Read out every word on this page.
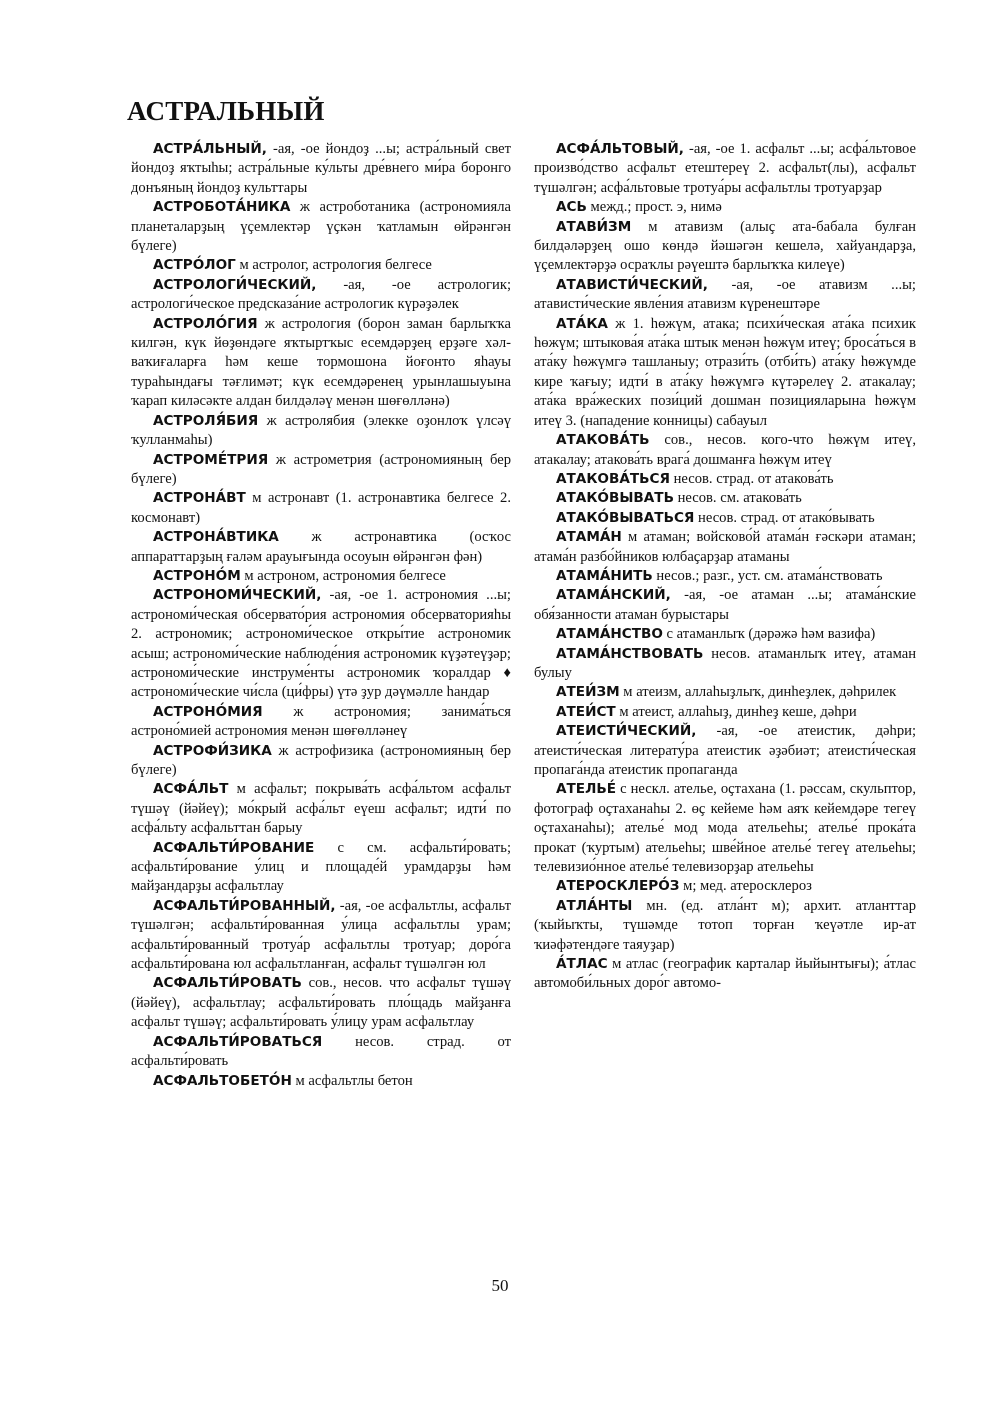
АСТРАЛЬНЫЙ

АСТРА́ЛЬНЫЙ, -ая, -ое йондоҙ ...ы; астра́льный свет йондоҙ яҡтыһы; астра́льные ку́льты дре́внего ми́ра боронго донъяның йондоҙ культтары

АСТРОБОТА́НИКА ж астроботаника (астрономияла планеталарҙың үҫемлектәр үҫкән ҡатламын өйрәнгән бүлеге)

АСТРО́ЛОГ м астролог, астрология белгесе

АСТРОЛОГИ́ЧЕСКИЙ, -ая, -ое астрологик; астрологи́ческое предсказа́ние астрологик күрәҙәлек

АСТРОЛО́ГИЯ ж астрология (борон заман барлыҡҡа килгән, күк йөҙөндәге яҡтыртҡыс есемдәрҙең ерҙәге хәл-ваҡиғаларға һәм кеше тормошона йоғонто яһауы тураһындағы тәғлимәт; күк есемдәренең урынлашыуына ҡарап киләсәкте алдан билдәләү менән шөғөлләнә)

АСТРОЛЯ́БИЯ ж астролябия (элекке оҙонлоҡ үлсәү ҡулланмаһы)

АСТРОМЕ́ТРИЯ ж астрометрия (астрономияның бер бүлеге)

АСТРОНА́ВТ м астронавт (1. астронавтика белгесе 2. космонавт)

АСТРОНА́ВТИКА ж астронавтика (осҡос аппараттарҙың ғаләм арауығында осоуын өйрәнгән фән)

АСТРОНО́М м астроном, астрономия белгесе

АСТРОНОМИ́ЧЕСКИЙ, -ая, -ое 1. астрономия ...ы; астрономи́ческая обсервато́рия астрономия обсерваторияһы 2. астрономик; астрономи́ческое откры́тие астрономик асыш; астрономи́ческие наблюде́ния астрономик күҙәтеүҙәр; астрономи́ческие инструме́нты астрономик ҡоралдар ♦ астрономи́ческие чи́сла (ци́фры) үтә ҙур дәүмәлле һандар

АСТРОНО́МИЯ ж астрономия; занима́ться астроно́мией астрономия менән шөғөлләнеү

АСТРОФИ́ЗИКА ж астрофизика (астрономияның бер бүлеге)

АСФА́ЛЬТ м асфальт; покрыва́ть асфа́льтом асфальт түшәү (йәйеү); мо́крый асфа́льт еүеш асфальт; идти́ по асфа́льту асфальттан барыу

АСФАЛЬТИ́РОВАНИЕ с см. асфальти́ровать; асфальти́рование у́лиц и площаде́й урамдарҙы һәм майҙандарҙы асфальтлау

АСФАЛЬТИ́РОВАННЫЙ, -ая, -ое асфальтлы, асфальт түшәлгән; асфальти́рованная у́лица асфальтлы урам; асфальти́рованный тротуа́р асфальтлы тротуар; доро́га асфальти́рована юл асфальтланған, асфальт түшәлгән юл

АСФАЛЬТИ́РОВАТЬ сов., несов. что асфальт түшәү (йәйеү), асфальтлау; асфальти́ровать пло́щадь майҙанға асфальт түшәү; асфальти́ровать у́лицу урам асфальтлау

АСФАЛЬТИ́РОВАТЬСЯ несов. страд. от асфальти́ровать

АСФАЛЬТОБЕТО́Н м асфальтлы бетон

АСФА́ЛЬТОВЫЙ, -ая, -ое 1. асфальт ...ы; асфа́льтовое произво́дство асфальт етештереү 2. асфальт(лы), асфальт түшәлгән; асфа́льтовые тротуа́ры асфальтлы тротуарҙар

АСЬ межд.; прост. э, нимә

АТАВИ́ЗМ м атавизм (алыҫ ата-бабала булған билдәләрҙең ошо көндә йәшәгән кешелә, хайуандарҙа, үҫемлектәрҙә осраҡлы рәүештә барлыҡҡа килеүе)

АТАВИСТИ́ЧЕСКИЙ, -ая, -ое атавизм ...ы; атависти́ческие явле́ния атавизм күренештәре

АТА́КА ж 1. һөжүм, атака; психи́ческая ата́ка психик һөжүм; штыкова́я ата́ка штык менән һөжүм итеү; броса́ться в ата́ку һөжүмгә ташланыу; отрази́ть (отби́ть) ата́ку һөжүмде кире ҡағыу; идти́ в ата́ку һөжүмгә күтәрелеү 2. атакалау; ата́ка вра́жеских пози́ций дошман позицияларына һөжүм итеү 3. (нападение конницы) сабауыл

АТАКОВА́ТЬ сов., несов. кого-что һөжүм итеү, атакалау; атакова́ть врага́ дошманға һөжүм итеү

АТАКОВА́ТЬСЯ несов. страд. от атакова́ть

АТАКО́ВЫВАТЬ несов. см. атакова́ть

АТАКО́ВЫВАТЬСЯ несов. страд. от атако́вывать

АТАМА́Н м атаман; войсково́й атама́н ғәскәри атаман; атама́н разбо́йников юлбаҫарҙар атаманы

АТАМА́НИТЬ несов.; разг., уст. см. атама́нствовать

АТАМА́НСКИЙ, -ая, -ое атаман ...ы; атама́нские обя́занности атаман бурыстары

АТАМА́НСТВО с атаманлыҡ (дәрәжә һәм вазифа)

АТАМА́НСТВОВАТЬ несов. атаманлыҡ итеү, атаман булыу

АТЕИ́ЗМ м атеизм, аллаһыҙлыҡ, динһеҙлек, дәһрилек

АТЕИ́СТ м атеист, аллаһыҙ, динһеҙ кеше, дәһри

АТЕИСТИ́ЧЕСКИЙ, -ая, -ое атеистик, дәһри; атеисти́ческая литерату́ра атеистик әҙәбиәт; атеисти́ческая пропага́нда атеистик пропаганда

АТЕЛЬЕ́ с нескл. ателье, оҫтахана (1. рәссам, скульптор, фотограф оҫтаханаһы 2. өҫ кейеме һәм аяҡ кейемдәре тегеү оҫтаханаһы); ателье́ мод мода ательеһы; ателье́ прока́та прокат (ҡуртым) ательеһы; шве́йное ателье́ тегеү ательеһы; телевизио́нное ателье́ телевизорҙар ательеһы

АТЕРОСКЛЕРО́З м; мед. атеросклероз

АТЛА́НТЫ мн. (ед. атла́нт м); архит. атланттар (ҡыйыҡты, түшәмде тотоп торған ҡеүәтле ир-ат ҡиәфәтендәге таяуҙар)

А́ТЛАС м атлас (географик карталар йыйынтығы); а́тлас автомоби́льных доро́г автомо-

50
